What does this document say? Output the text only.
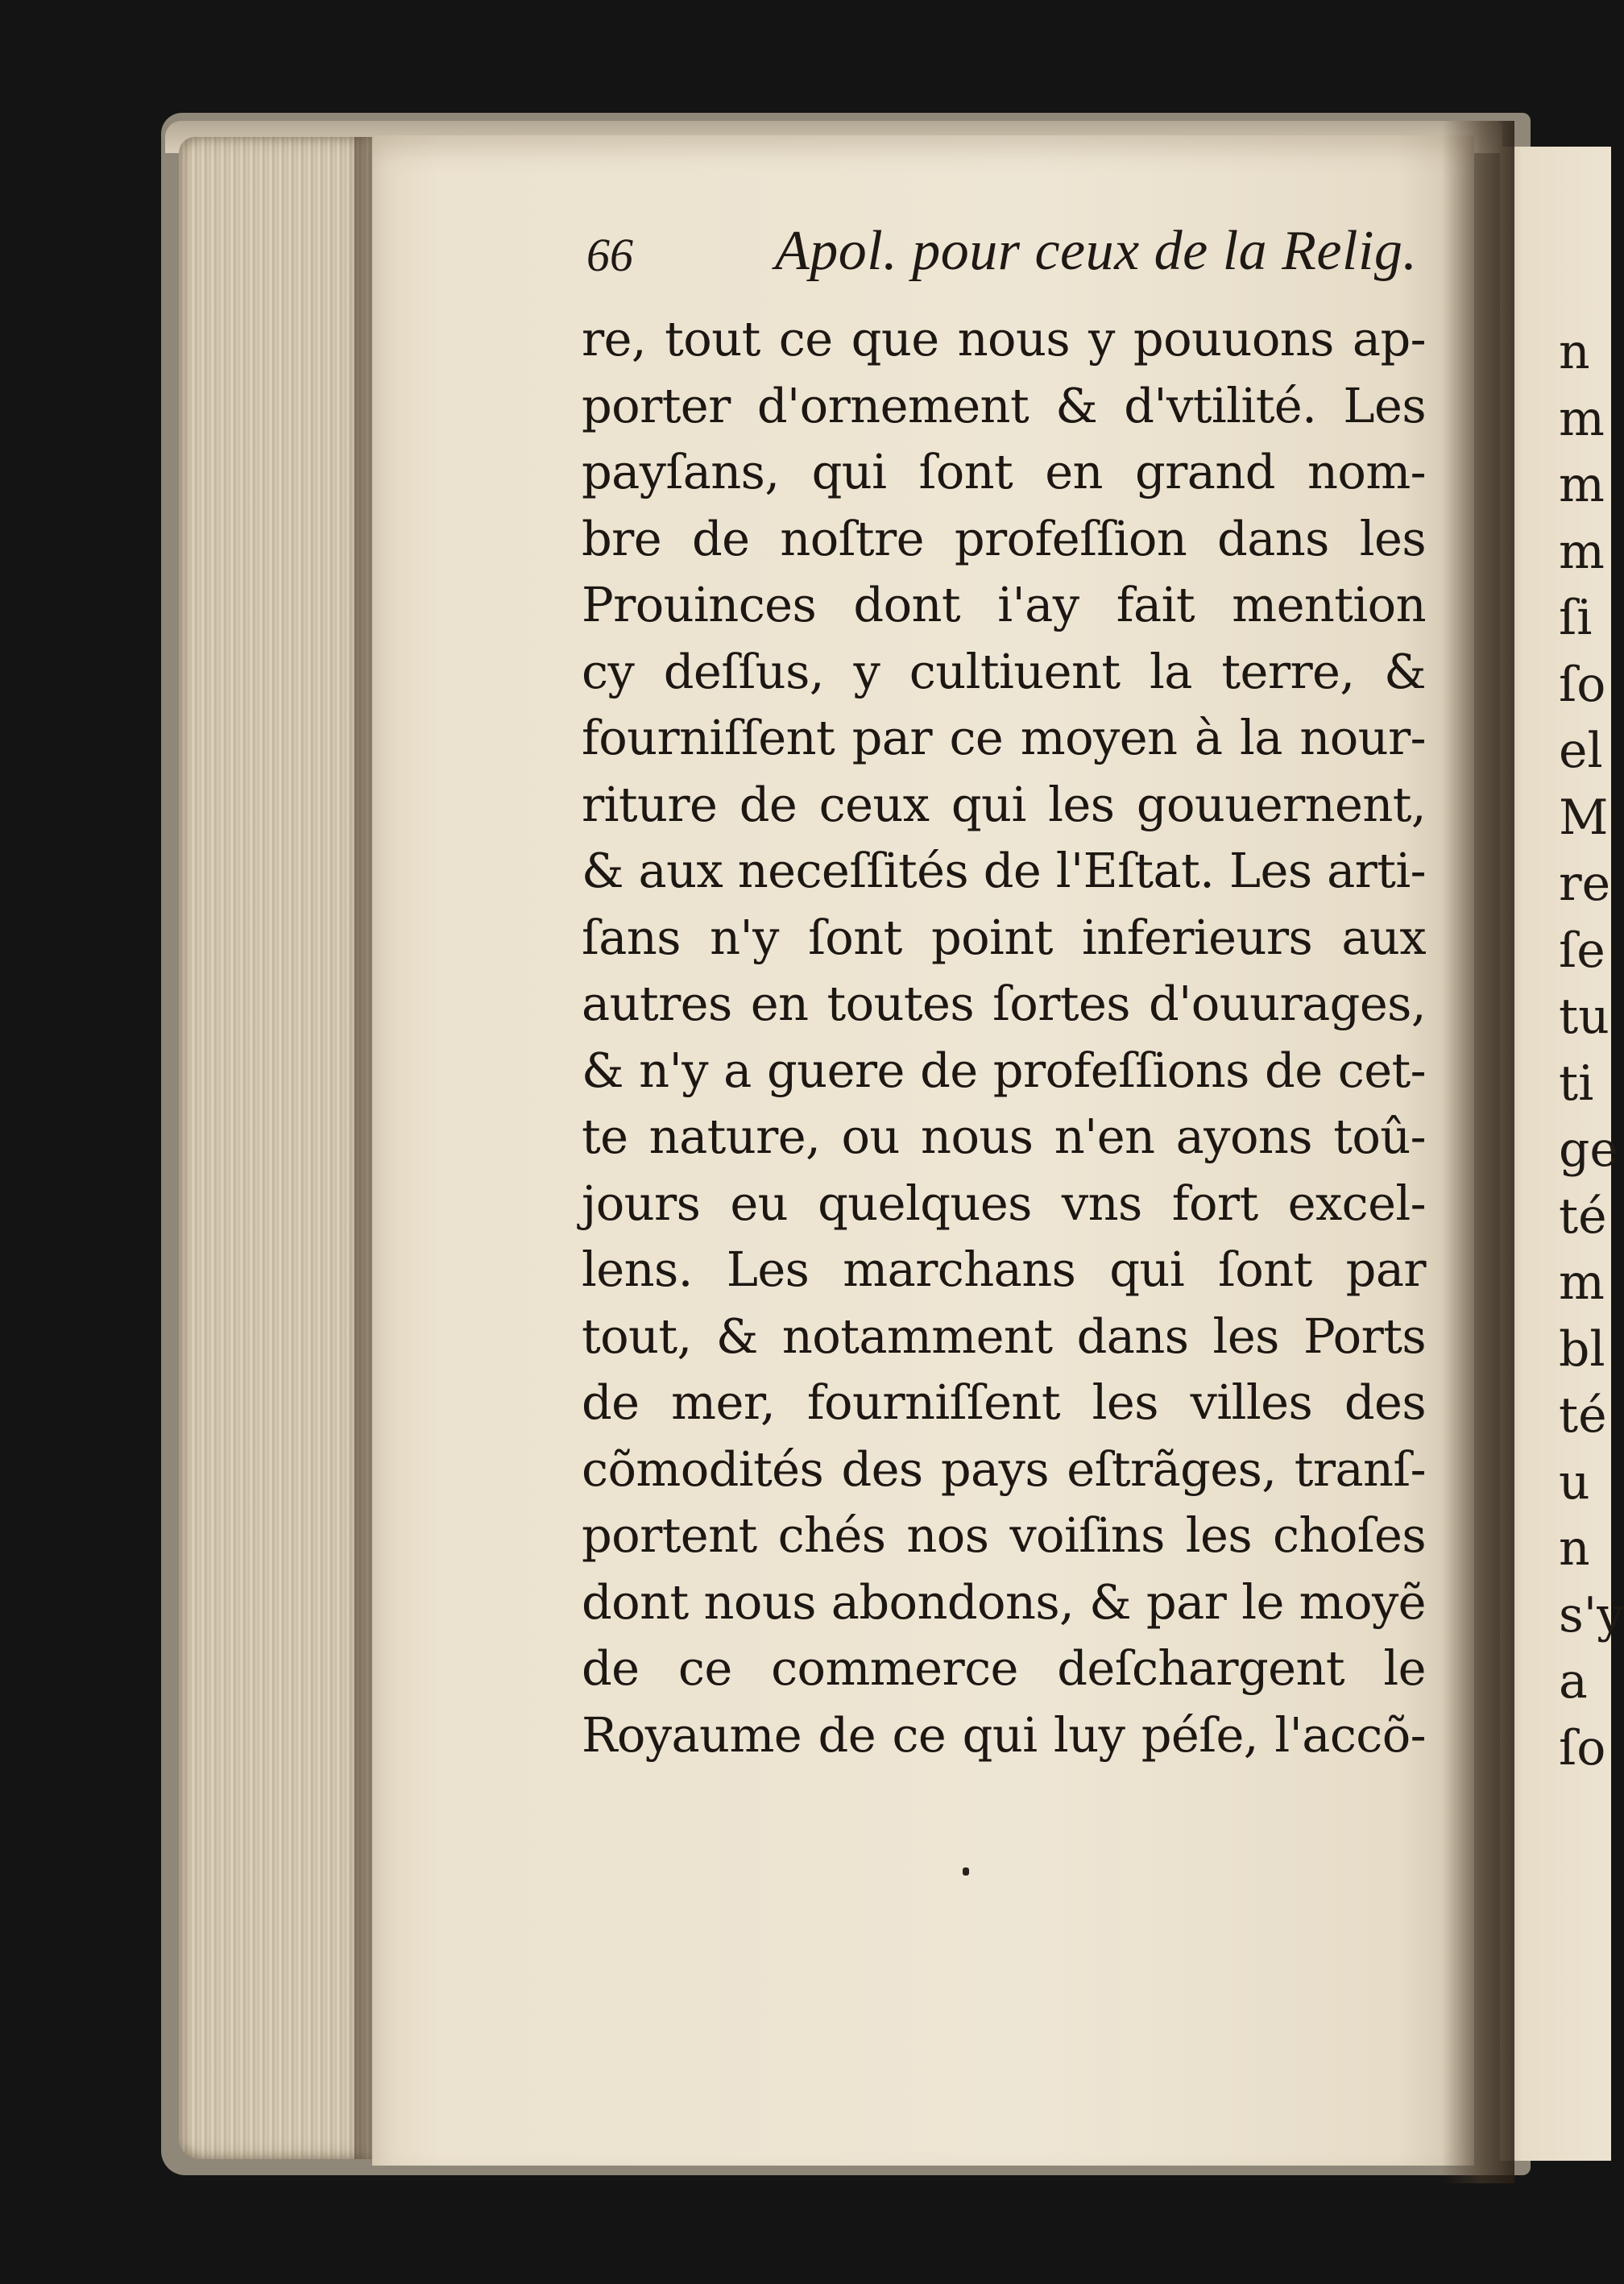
n
m
m
m
ſi
ſo
el
M
re
ſe
tu
ti
ge
té
m
bl
té
u
n
s'y
a
ſo
66	Apol. pour ceux de la Relig.
re, tout ce que nous y pouuons ap-
porter d'ornement & d'vtilité. Les
payſans, qui ſont en grand nom-
bre de noſtre profeſſion dans les
Prouinces dont i'ay fait mention
cy deſſus, y cultiuent la terre, &
fourniſſent par ce moyen à la nour-
riture de ceux qui les gouuernent,
& aux neceſſités de l'Eſtat. Les arti-
ſans n'y ſont point inferieurs aux
autres en toutes ſortes d'ouurages,
& n'y a guere de profeſſions de cet-
te nature, ou nous n'en ayons toû-
jours eu quelques vns fort excel-
lens. Les marchans qui ſont par
tout, & notamment dans les Ports
de mer, fourniſſent les villes des
cõmodités des pays eſtrãges, tranſ-
portent chés nos voiſins les choſes
dont nous abondons, & par le moyẽ
de ce commerce deſchargent le
Royaume de ce qui luy péſe, l'accõ-
